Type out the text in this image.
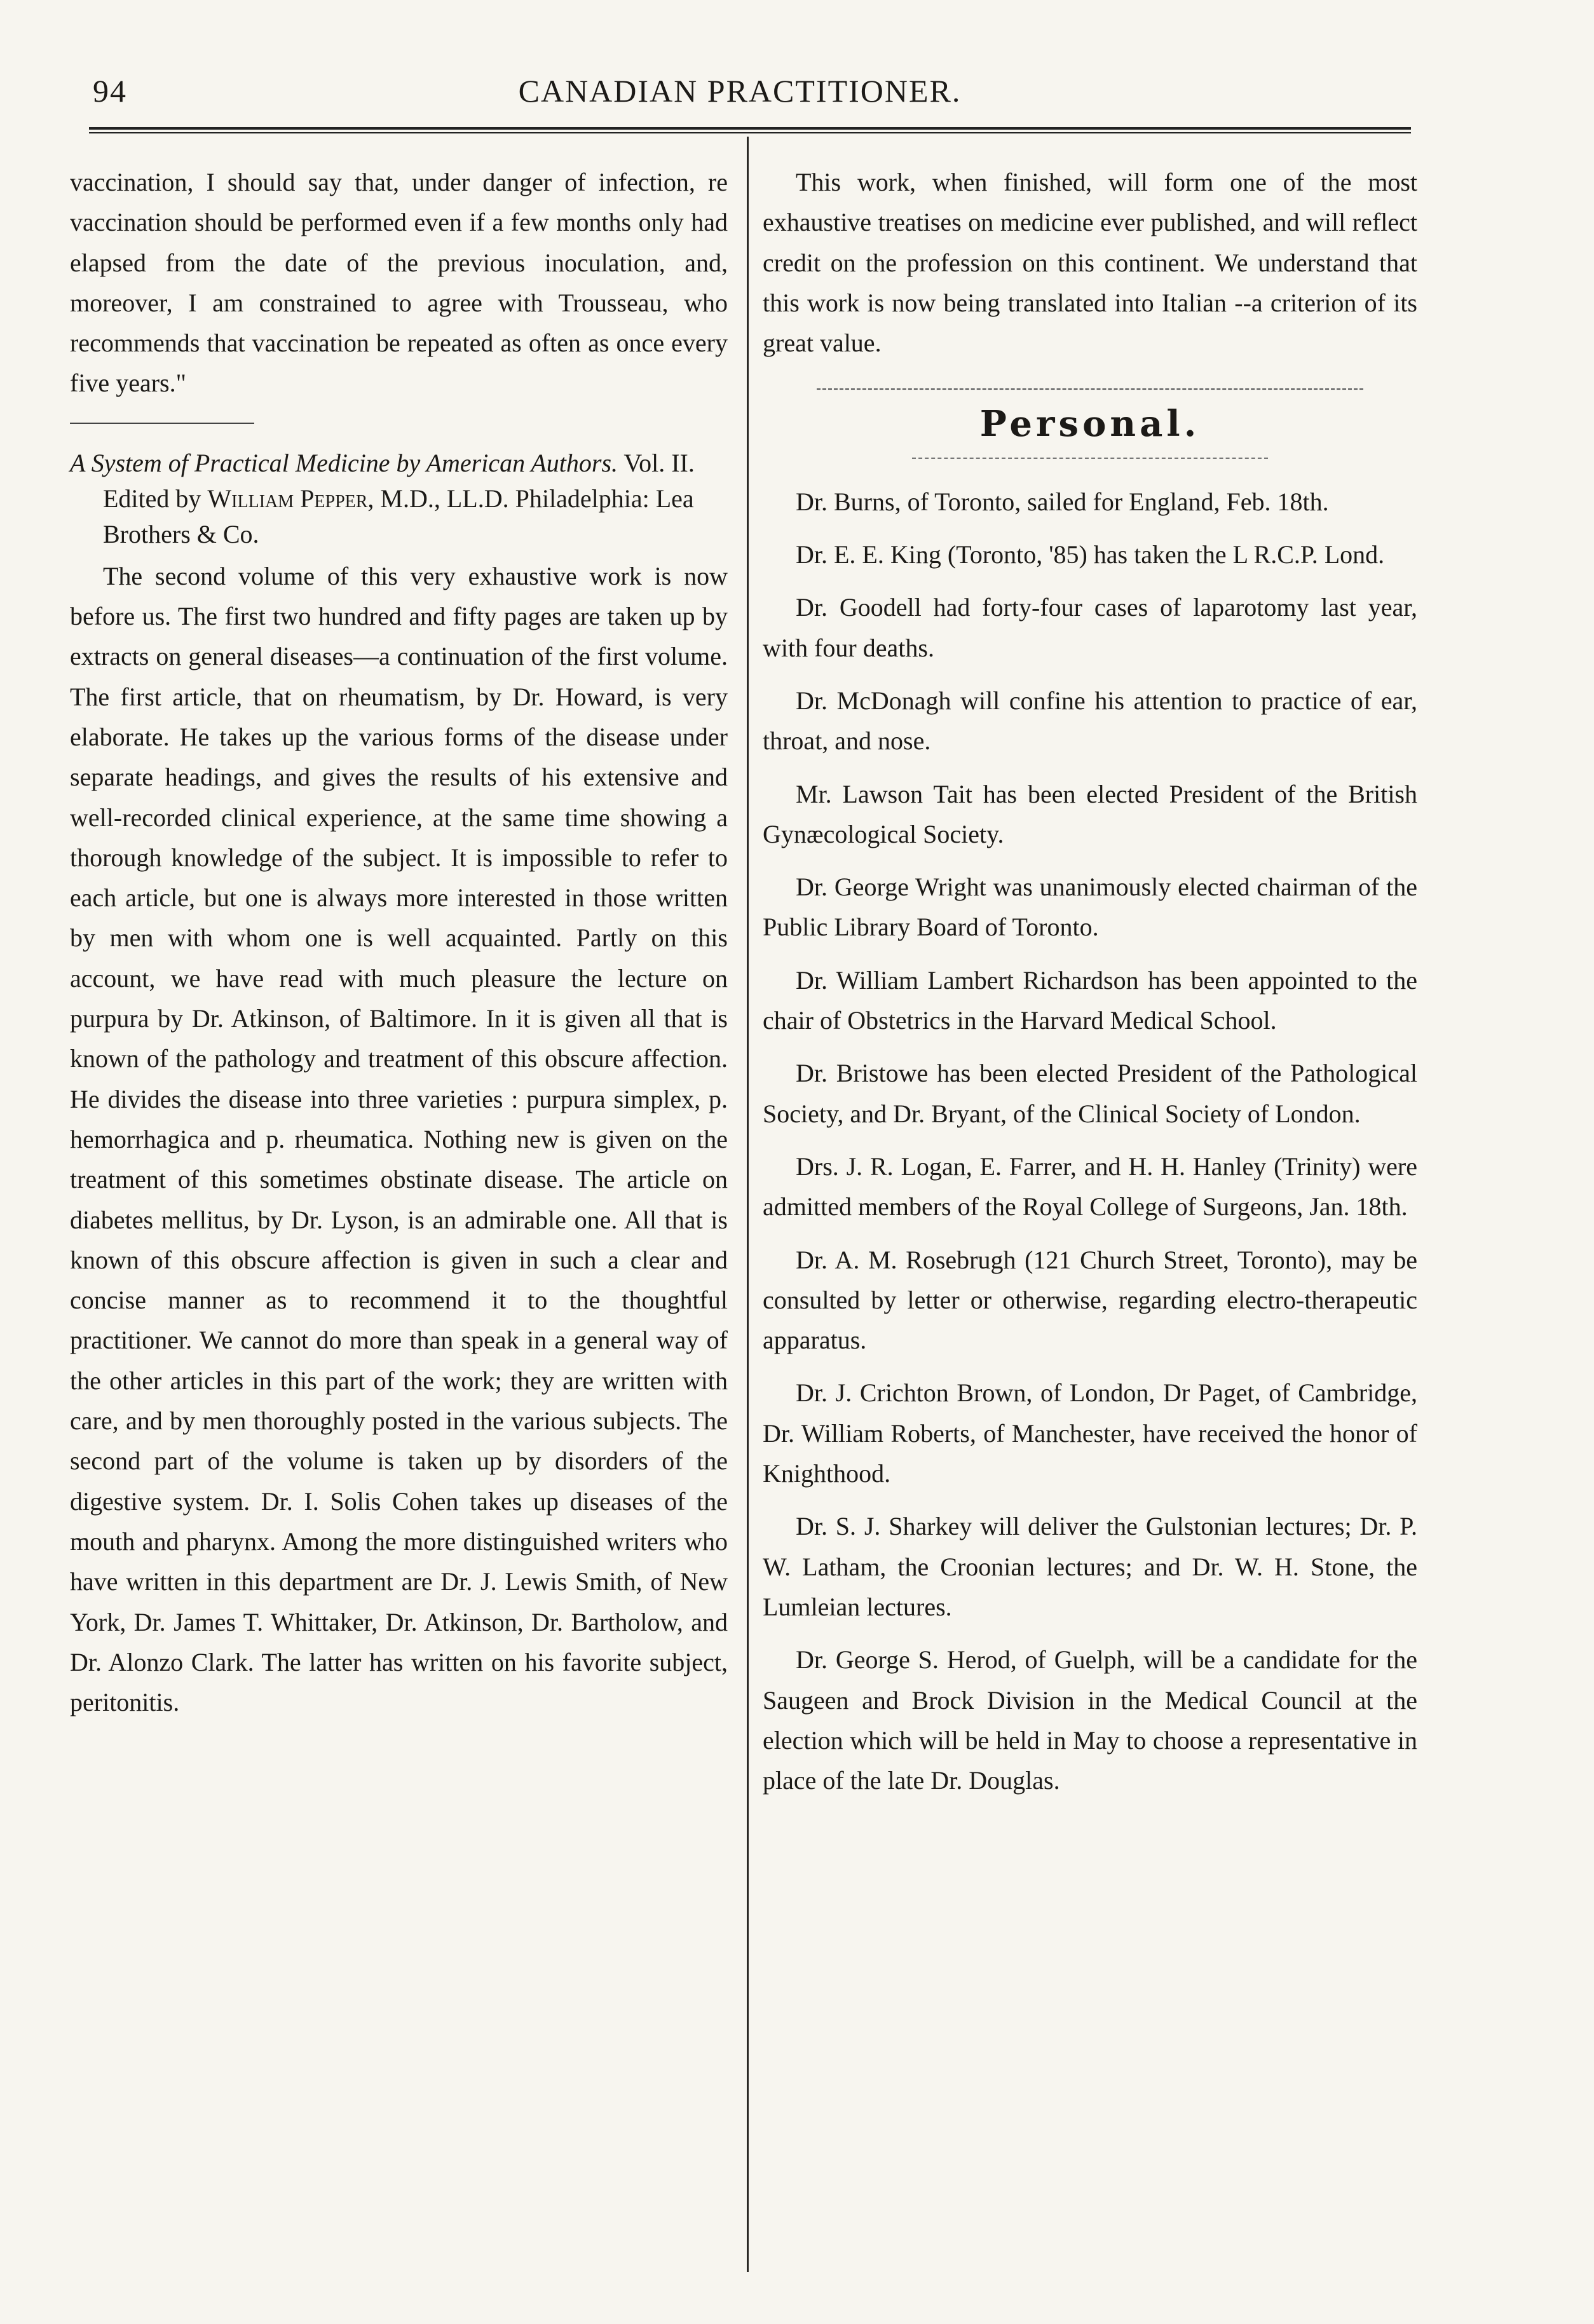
94	CANADIAN PRACTITIONER.

vaccination, I should say that, under danger of infection, re vaccination should be performed even if a few months only had elapsed from the date of the previous inoculation, and, moreover, I am constrained to agree with Trousseau, who recommends that vaccination be repeated as often as once every five years."

A System of Practical Medicine by American Authors. Vol. II. Edited by William Pepper, M.D., LL.D. Philadelphia: Lea Brothers & Co.

The second volume of this very exhaustive work is now before us. The first two hundred and fifty pages are taken up by extracts on general diseases—a continuation of the first volume. The first article, that on rheumatism, by Dr. Howard, is very elaborate. He takes up the various forms of the disease under separate headings, and gives the results of his extensive and well-recorded clinical experience, at the same time showing a thorough knowledge of the subject. It is impossible to refer to each article, but one is always more interested in those written by men with whom one is well acquainted. Partly on this account, we have read with much pleasure the lecture on purpura by Dr. Atkinson, of Baltimore. In it is given all that is known of the pathology and treatment of this obscure affection. He divides the disease into three varieties : purpura simplex, p. hemorrhagica and p. rheumatica. Nothing new is given on the treatment of this sometimes obstinate disease. The article on diabetes mellitus, by Dr. Lyson, is an admirable one. All that is known of this obscure affection is given in such a clear and concise manner as to recommend it to the thoughtful practitioner. We cannot do more than speak in a general way of the other articles in this part of the work; they are written with care, and by men thoroughly posted in the various subjects. The second part of the volume is taken up by disorders of the digestive system. Dr. I. Solis Cohen takes up diseases of the mouth and pharynx. Among the more distinguished writers who have written in this department are Dr. J. Lewis Smith, of New York, Dr. James T. Whittaker, Dr. Atkinson, Dr. Bartholow, and Dr. Alonzo Clark. The latter has written on his favorite subject, peritonitis.

This work, when finished, will form one of the most exhaustive treatises on medicine ever published, and will reflect credit on the profession on this continent. We understand that this work is now being translated into Italian --a criterion of its great value.

Personal.

Dr. Burns, of Toronto, sailed for England, Feb. 18th.

Dr. E. E. King (Toronto, '85) has taken the L R.C.P. Lond.

Dr. Goodell had forty-four cases of laparotomy last year, with four deaths.

Dr. McDonagh will confine his attention to practice of ear, throat, and nose.

Mr. Lawson Tait has been elected President of the British Gynæcological Society.

Dr. George Wright was unanimously elected chairman of the Public Library Board of Toronto.

Dr. William Lambert Richardson has been appointed to the chair of Obstetrics in the Harvard Medical School.

Dr. Bristowe has been elected President of the Pathological Society, and Dr. Bryant, of the Clinical Society of London.

Drs. J. R. Logan, E. Farrer, and H. H. Hanley (Trinity) were admitted members of the Royal College of Surgeons, Jan. 18th.

Dr. A. M. Rosebrugh (121 Church Street, Toronto), may be consulted by letter or otherwise, regarding electro-therapeutic apparatus.

Dr. J. Crichton Brown, of London, Dr Paget, of Cambridge, Dr. William Roberts, of Manchester, have received the honor of Knighthood.

Dr. S. J. Sharkey will deliver the Gulstonian lectures; Dr. P. W. Latham, the Croonian lectures; and Dr. W. H. Stone, the Lumleian lectures.

Dr. George S. Herod, of Guelph, will be a candidate for the Saugeen and Brock Division in the Medical Council at the election which will be held in May to choose a representative in place of the late Dr. Douglas.
